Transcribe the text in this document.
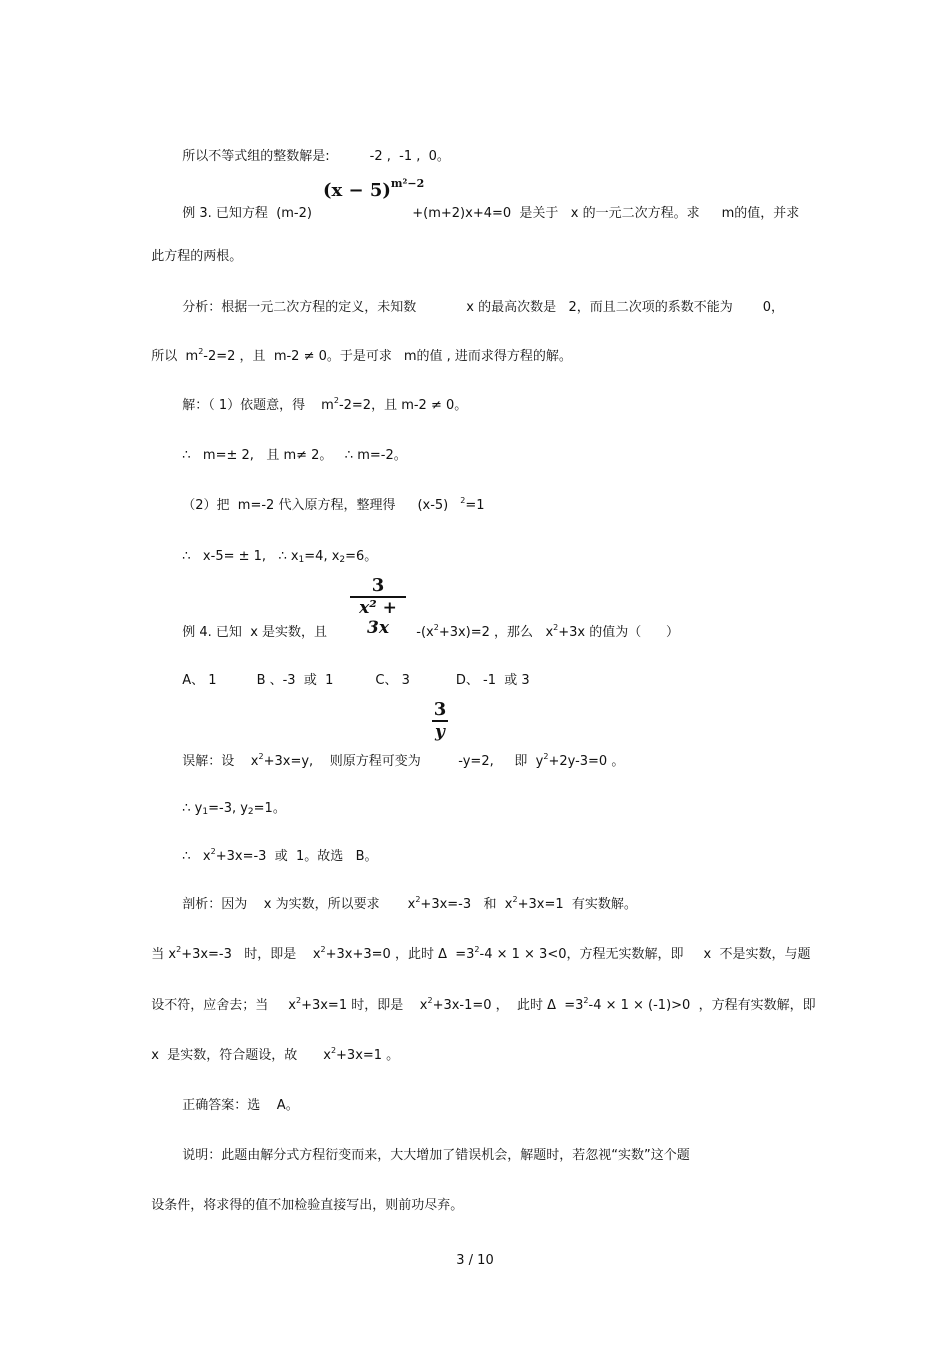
所以不等式组的整数解是:	-2 ,  -1 ,  0。

例 3. 已知方程  (m-2)

$(x - 5)^{m^2-2}$

+(m+2)x+4=0  是关于   x 的一元二次方程。求 m的值，并求

此方程的两根。

分析：根据一元二次方程的定义，未知数	x 的最高次数是   2，而且二次项的系数不能为 0，

所以  m2-2=2 ，且  m-2 ≠ 0。于是可求 m的值 , 进而求得方程的解。

解：（ 1）依题意，得 m2-2=2，且 m-2 ≠ 0。

∴   m=± 2,   且 m≠ 2。   ∴ m=-2。

（2）把  m=-2 代入原方程，整理得 (x-5) 2=1

∴   x-5= ± 1,   ∴ x1=4, x2=6。

例 4. 已知  x 是实数，且

3
x² + 3x	-(x2+3x)=2 ，那么   x2+3x 的值为（      ）

A、 1	B 、-3  或  1	C、 3	D、 -1  或 3

误解：设    x2+3x=y,    则原方程可变为

3
y

-y=2,     即  y2+2y-3=0 。

∴ y1=-3, y2=1。

∴   x2+3x=-3  或  1。故选   B。

剖析：因为    x 为实数，所以要求 x2+3x=-3   和  x2+3x=1  有实数解。

当 x2+3x=-3   时，即是    x2+3x+3=0 ，此时 Δ  =32-4 × 1 × 3<0，方程无实数解，即 x  不是实数，与题

设不符，应舍去；当 x2+3x=1 时，即是    x2+3x-1=0 ，  此时 Δ  =32-4 × 1 × (-1)>0  ，方程有实数解，即

x  是实数，符合题设，故 x2+3x=1 。

正确答案：选    A。

说明：此题由解分式方程衍变而来，大大增加了错误机会，解题时，若忽视“实数”这个题

设条件，将求得的值不加检验直接写出，则前功尽弃。

3 / 10
